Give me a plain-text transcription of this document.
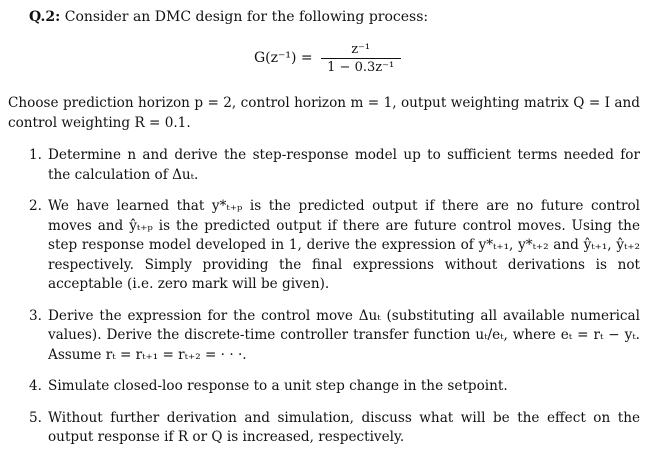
Q.2: Consider an DMC design for the following process:
$G(z^{-1}) = \frac{\text{z⁻¹}}{\text{1 − 0.3z⁻¹}}$
Choose prediction horizon p = 2, control horizon m = 1, output weighting matrix Q = I and control weighting R = 0.1.
1. Determine n and derive the step-response model up to sufficient terms needed for the calculation of Δuₜ.
2. We have learned that y*ₜ₊ₚ is the predicted output if there are no future control moves and ŷₜ₊ₚ is the predicted output if there are future control moves. Using the step response model developed in 1, derive the expression of y*ₜ₊₁, y*ₜ₊₂ and ŷₜ₊₁, ŷₜ₊₂ respectively. Simply providing the final expressions without derivations is not acceptable (i.e. zero mark will be given).
3. Derive the expression for the control move Δuₜ (substituting all available numerical values). Derive the discrete-time controller transfer function uₜ/eₜ, where eₜ = rₜ − yₜ. Assume rₜ = rₜ₊₁ = rₜ₊₂ = · · ·.
4. Simulate closed-loo response to a unit step change in the setpoint.
5. Without further derivation and simulation, discuss what will be the effect on the output response if R or Q is increased, respectively.
